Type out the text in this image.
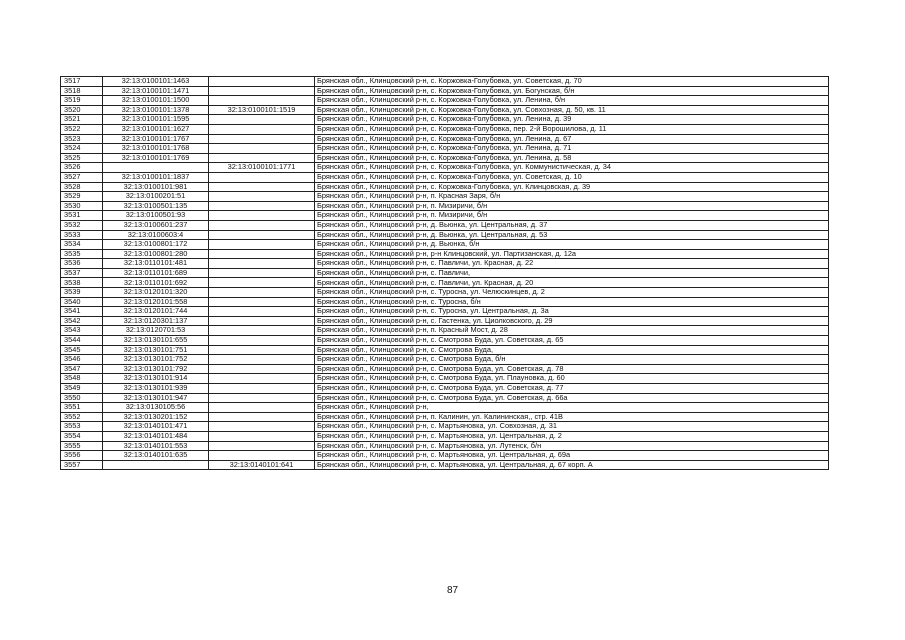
3517	32:13:0100101:1463		Брянская обл., Клинцовский р-н, с. Коржовка-Голубовка, ул. Советская, д. 70
3518	32:13:0100101:1471		Брянская обл., Клинцовский р-н, с. Коржовка-Голубовка, ул. Богунская, б/н
3519	32:13:0100101:1500		Брянская обл., Клинцовский р-н, с. Коржовка-Голубовка, ул. Ленина, б/н
3520	32:13:0100101:1378	32:13:0100101:1519	Брянская обл., Клинцовский р-н, с. Коржовка-Голубовка, ул. Совхозная, д. 50, кв. 11
3521	32:13:0100101:1595		Брянская обл., Клинцовский р-н, с. Коржовка-Голубовка, ул. Ленина, д. 39
3522	32:13:0100101:1627		Брянская обл., Клинцовский р-н, с. Коржовка-Голубовка, пер. 2-й Ворошилова, д. 11
3523	32:13:0100101:1767		Брянская обл., Клинцовский р-н, с. Коржовка-Голубовка, ул. Ленина, д. 67
3524	32:13:0100101:1768		Брянская обл., Клинцовский р-н, с. Коржовка-Голубовка, ул. Ленина, д. 71
3525	32:13:0100101:1769		Брянская обл., Клинцовский р-н, с. Коржовка-Голубовка, ул. Ленина, д. 58
3526		32:13:0100101:1771	Брянская обл., Клинцовский р-н, с. Коржовка-Голубовка, ул. Коммунистическая, д. 34
3527	32:13:0100101:1837		Брянская обл., Клинцовский р-н, с. Коржовка-Голубовка, ул. Советская, д. 10
3528	32:13:0100101:981		Брянская обл., Клинцовский р-н, с. Коржовка-Голубовка, ул. Клинцовская, д. 39
3529	32:13:0100201:51		Брянская обл., Клинцовский р-н, п. Красная Заря, б/н
3530	32:13:0100501:135		Брянская обл., Клинцовский р-н, п. Мизиричи, б/н
3531	32:13:0100501:93		Брянская обл., Клинцовский р-н, п. Мизиричи, б/н
3532	32:13:0100601:237		Брянская обл., Клинцовский р-н, д. Вьюнка, ул. Центральная, д. 37
3533	32:13:0100603:4		Брянская обл., Клинцовский р-н, д. Вьюнка, ул. Центральная, д. 53
3534	32:13:0100801:172		Брянская обл., Клинцовский р-н, д. Вьюнка, б/н
3535	32:13:0100801:280		Брянская обл., Клинцовский р-н, р-н Клинцовский, ул. Партизанская, д. 12а
3536	32:13:0110101:481		Брянская обл., Клинцовский р-н, с. Павличи, ул. Красная, д. 22
3537	32:13:0110101:689		Брянская обл., Клинцовский р-н, с. Павличи,
3538	32:13:0110101:692		Брянская обл., Клинцовский р-н, с. Павличи, ул. Красная, д. 20
3539	32:13:0120101:320		Брянская обл., Клинцовский р-н, с. Туросна, ул. Челюскинцев, д. 2
3540	32:13:0120101:558		Брянская обл., Клинцовский р-н, с. Туросна, б/н
3541	32:13:0120101:744		Брянская обл., Клинцовский р-н, с. Туросна, ул. Центральная, д. 3а
3542	32:13:0120301:137		Брянская обл., Клинцовский р-н, с. Гастенка, ул. Циолковского, д. 29
3543	32:13:0120701:53		Брянская обл., Клинцовский р-н, п. Красный Мост, д. 28
3544	32:13:0130101:655		Брянская обл., Клинцовский р-н, с. Смотрова Буда, ул. Советская, д. 65
3545	32:13:0130101:751		Брянская обл., Клинцовский р-н, с. Смотрова Буда,
3546	32:13:0130101:752		Брянская обл., Клинцовский р-н, с. Смотрова Буда, б/н
3547	32:13:0130101:792		Брянская обл., Клинцовский р-н, с. Смотрова Буда, ул. Советская, д. 78
3548	32:13:0130101:914		Брянская обл., Клинцовский р-н, с. Смотрова Буда, ул. Плауновка, д. 60
3549	32:13:0130101:939		Брянская обл., Клинцовский р-н, с. Смотрова Буда, ул. Советская, д. 77
3550	32:13:0130101:947		Брянская обл., Клинцовский р-н, с. Смотрова Буда, ул. Советская, д. 66а
3551	32:13:0130105:56		Брянская обл., Клинцовский р-н,
3552	32:13:0130201:152		Брянская обл., Клинцовский р-н, п. Калинин, ул. Калининская,, стр. 41В
3553	32:13:0140101:471		Брянская обл., Клинцовский р-н, с. Мартьяновка, ул. Совхозная, д. 31
3554	32:13:0140101:484		Брянская обл., Клинцовский р-н, с. Мартьяновка, ул. Центральная, д. 2
3555	32:13:0140101:553		Брянская обл., Клинцовский р-н, с. Мартьяновка, ул. Лутенск, б/н
3556	32:13:0140101:635		Брянская обл., Клинцовский р-н, с. Мартьяновка, ул. Центральная, д. 69а
3557		32:13:0140101:641	Брянская обл., Клинцовский р-н, с. Мартьяновка, ул. Центральная, д. 67 корп. А
87
